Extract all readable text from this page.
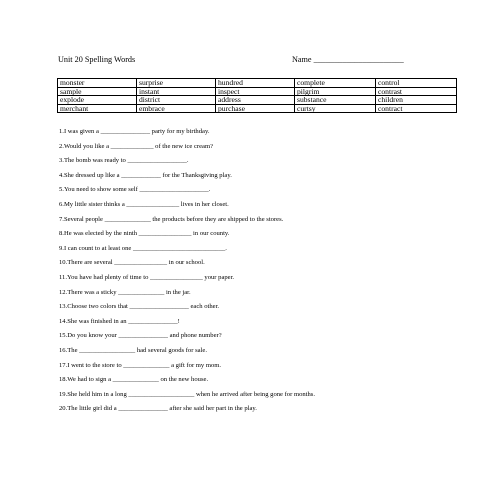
Unit 20 Spelling Words	Name ______________________
monster	surprise	hundred	complete	control
sample	instant	inspect	pilgrim	contrast
explode	district	address	substance	children
merchant	embrace	purchase	curtsy	contract
1.I was given a _______________ party for my birthday.
2.Would you like a _____________ of the new ice cream?
3.The bomb was ready to __________________.
4.She dressed up like a ____________ for the Thanksgiving play.
5.You need to show some self _____________________.
6.My little sister thinks a ________________ lives in her closet.
7.Several people ______________ the products before they are shipped to the stores.
8.He was elected by the ninth ________________ in our county.
9.I can count to at least one ____________________________.
10.There are several ________________ in our school.
11.You have had plenty of time to ________________ your paper.
12.There was a sticky ______________ in the jar.
13.Choose two colors that __________________ each other.
14.She was finished in an _______________!
15.Do you know your _______________ and phone number?
16.The _________________ had several goods for sale.
17.I went to the store to ______________ a gift for my mom.
18.We had to sign a ______________ on the new house.
19.She held him in a long ____________________ when he arrived after being gone for months.
20.The little girl did a _______________ after she said her part in the play.
